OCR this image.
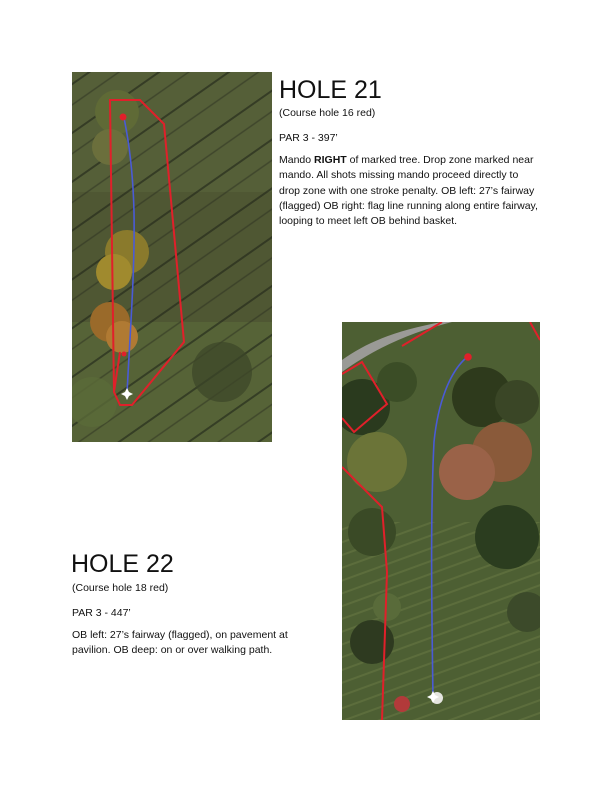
HOLE 21

(Course hole 16 red)

PAR 3 - 397’

Mando RIGHT of marked tree. Drop zone marked near mando. All shots missing mando proceed directly to drop zone with one stroke penalty. OB left: 27’s fairway (flagged) OB right: flag line running along entire fairway, looping to meet left OB behind basket.

HOLE 22

(Course hole 18 red)

PAR 3 - 447’

OB left: 27’s fairway (flagged), on pavement at pavilion. OB deep: on or over walking path.
